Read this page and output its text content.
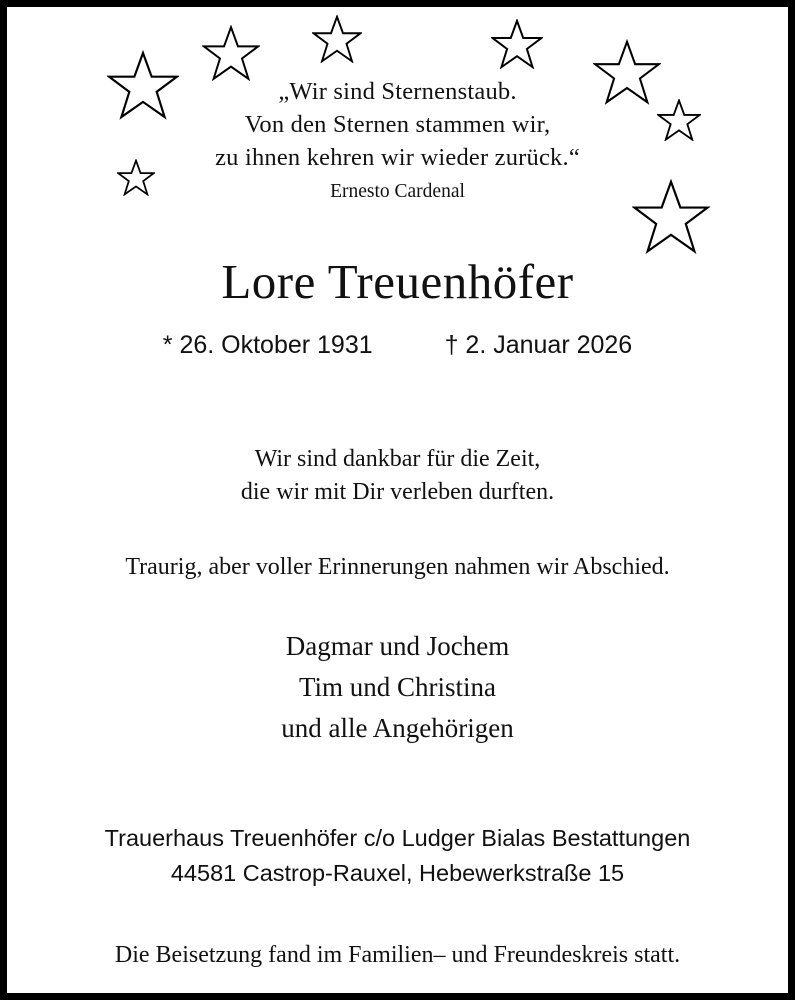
„Wir sind Sternenstaub.
Von den Sternen stammen wir,
zu ihnen kehren wir wieder zurück.“
Ernesto Cardenal
Lore Treuenhöfer
* 26. Oktober 1931	† 2. Januar 2026
Wir sind dankbar für die Zeit,
die wir mit Dir verleben durften.
Traurig, aber voller Erinnerungen nahmen wir Abschied.
Dagmar und Jochem
Tim und Christina
und alle Angehörigen
Trauerhaus Treuenhöfer c/o Ludger Bialas Bestattungen
44581 Castrop-Rauxel, Hebewerkstraße 15
Die Beisetzung fand im Familien– und Freundeskreis statt.
